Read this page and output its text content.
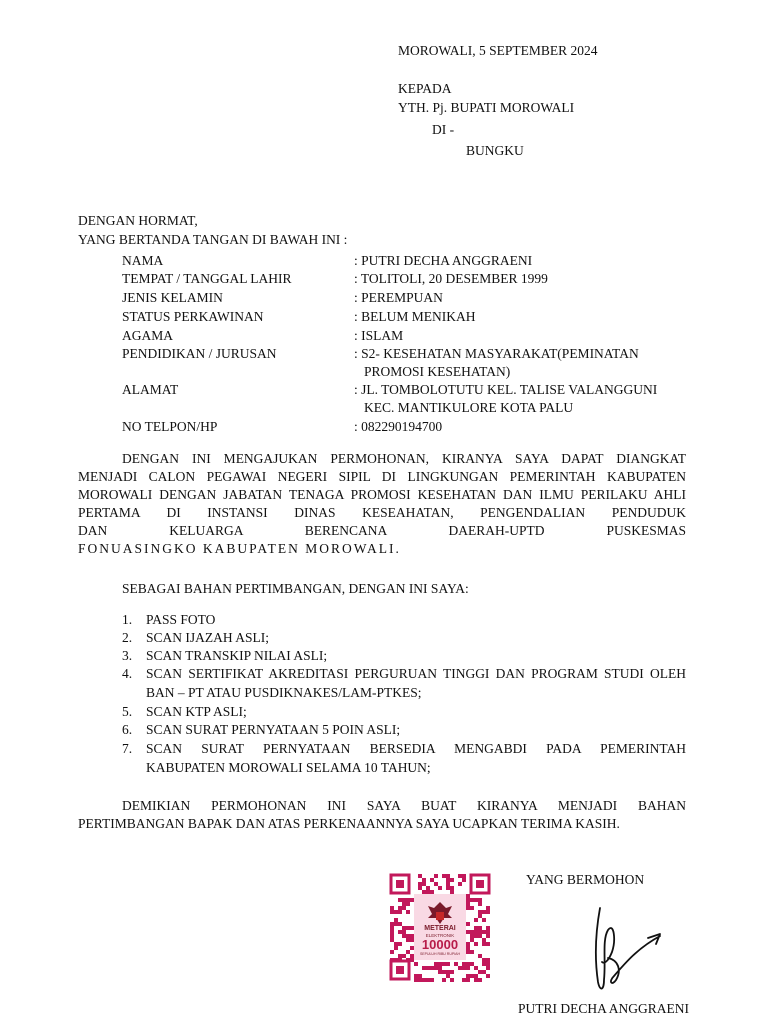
MOROWALI, 5 SEPTEMBER 2024
KEPADA
YTH. Pj. BUPATI MOROWALI
DI -
BUNGKU
DENGAN HORMAT,
YANG BERTANDA TANGAN DI BAWAH INI :
NAMA	: PUTRI DECHA ANGGRAENI
TEMPAT / TANGGAL LAHIR	: TOLITOLI, 20 DESEMBER 1999
JENIS KELAMIN	: PEREMPUAN
STATUS PERKAWINAN	: BELUM MENIKAH
AGAMA	: ISLAM
PENDIDIKAN / JURUSAN	: S2- KESEHATAN MASYARAKAT(PEMINATAN
PROMOSI KESEHATAN)
ALAMAT	: JL. TOMBOLOTUTU KEL. TALISE VALANGGUNI
KEC. MANTIKULORE KOTA PALU
NO TELPON/HP	: 082290194700
DENGAN INI MENGAJUKAN PERMOHONAN, KIRANYA SAYA DAPAT DIANGKAT
MENJADI CALON PEGAWAI NEGERI SIPIL DI LINGKUNGAN PEMERINTAH KABUPATEN
MOROWALI DENGAN JABATAN TENAGA PROMOSI KESEHATAN DAN ILMU PERILAKU AHLI
PERTAMA DI INSTANSI DINAS KESEAHATAN, PENGENDALIAN PENDUDUK
DAN KELUARGA BERENCANA DAERAH-UPTD PUSKESMAS
FONUASINGKO KABUPATEN MOROWALI.
SEBAGAI BAHAN PERTIMBANGAN, DENGAN INI SAYA:
1. PASS FOTO
2. SCAN IJAZAH ASLI;
3. SCAN TRANSKIP NILAI ASLI;
4. SCAN SERTIFIKAT AKREDITASI PERGURUAN TINGGI DAN PROGRAM STUDI OLEH
BAN – PT ATAU PUSDIKNAKES/LAM-PTKES;
5. SCAN KTP ASLI;
6. SCAN SURAT PERNYATAAN 5 POIN ASLI;
7. SCAN SURAT PERNYATAAN BERSEDIA MENGABDI PADA PEMERINTAH
KABUPATEN MOROWALI SELAMA 10 TAHUN;
DEMIKIAN PERMOHONAN INI SAYA BUAT KIRANYA MENJADI BAHAN
PERTIMBANGAN BAPAK DAN ATAS PERKENAANNYA SAYA UCAPKAN TERIMA KASIH.
YANG BERMOHON
METERAI
ELEKTRONIK
10000
SEPULUH RIBU RUPIAH
PUTRI DECHA ANGGRAENI
